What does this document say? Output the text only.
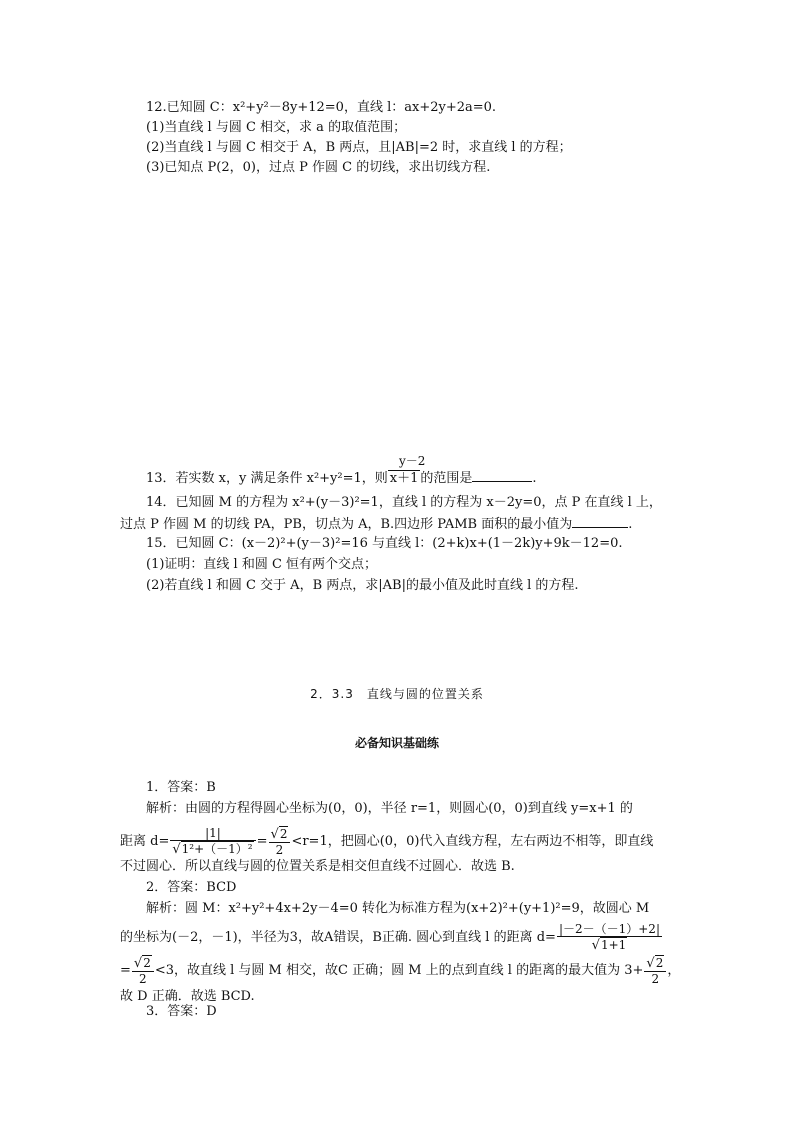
12.已知圆 C：x²+y²－8y+12=0，直线 l：ax+2y+2a=0.
(1)当直线 l 与圆 C 相交，求 a 的取值范围；
(2)当直线 l 与圆 C 相交于 A，B 两点，且|AB|=2 时，求直线 l 的方程；
(3)已知点 P(2，0)，过点 P 作圆 C 的切线，求出切线方程.
y－2
13．若实数 x，y 满足条件 x²+y²=1，则 x＋1 的范围是	.
14．已知圆 M 的方程为 x²+(y－3)²=1，直线 l 的方程为 x－2y=0，点 P 在直线 l 上，
过点 P 作圆 M 的切线 PA，PB，切点为 A，B.四边形 PAMB 面积的最小值为	.
15．已知圆 C：(x－2)²+(y－3)²=16 与直线 l：(2+k)x+(1－2k)y+9k－12=0.
(1)证明：直线 l 和圆 C 恒有两个交点；
(2)若直线 l 和圆 C 交于 A，B 两点，求|AB|的最小值及此时直线 l 的方程.
2．3.3　直线与圆的位置关系
必备知识基础练
1．答案：B
解析：由圆的方程得圆心坐标为(0，0)，半径 r=1，则圆心(0，0)到直线 y=x+1 的
距离 $d= \frac{|1|}{\text{√1²+（－1）²}} = \frac{√2}{2} <r=1$，把圆心(0，0)代入直线方程，左右两边不相等，即直线
不过圆心．所以直线与圆的位置关系是相交但直线不过圆心．故选 B.
2．答案：BCD
解析：圆 M：x²+y²+4x+2y－4=0 转化为标准方程为(x+2)²+(y+1)²=9，故圆心 M
的坐标为(－2，－1)，半径为3，故A错误，B正确. 圆心到直线 l 的距离 $d= \frac{|-2-(-1)+2|}{√1+1}$
= $\frac{√2}{2} <3$，故直线 l 与圆 M 相交，故C 正确；圆 M 上的点到直线 l 的距离的最大值为 $3+ \frac{√2}{2}$ ，
故 D 正确．故选 BCD.
3．答案：D
